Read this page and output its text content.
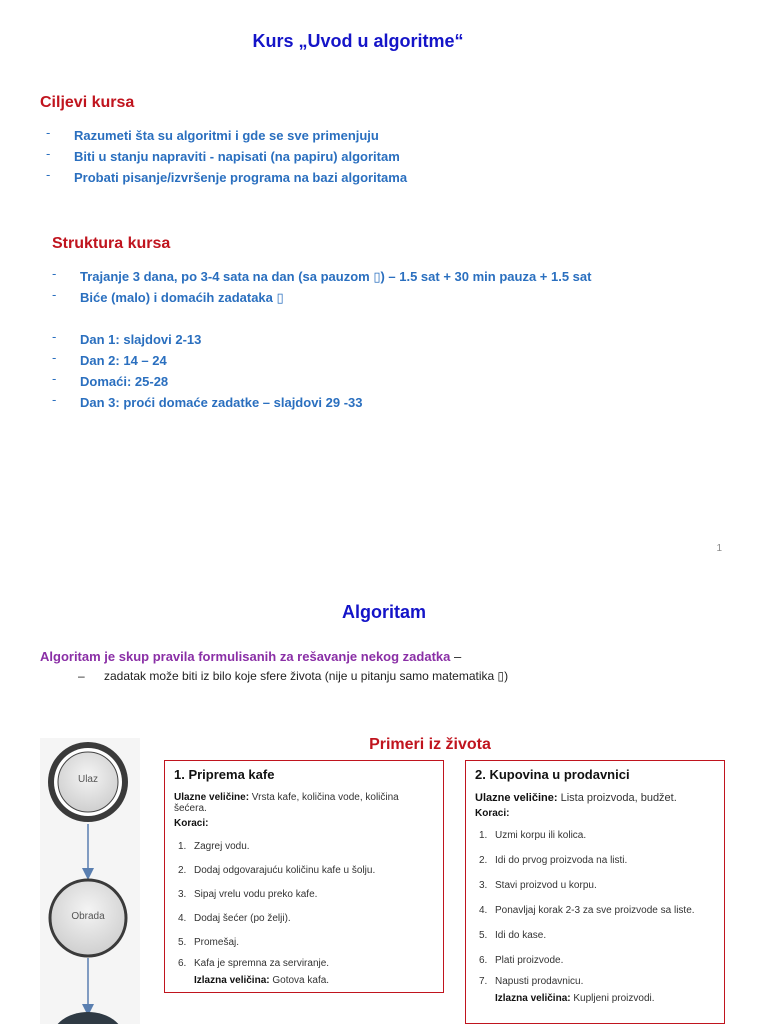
Kurs „Uvod u algoritme“
Ciljevi kursa
- Razumeti šta su algoritmi i gde se sve primenjuju
- Biti u stanju napraviti - napisati (na papiru) algoritam
- Probati pisanje/izvršenje programa na bazi algoritama
Struktura kursa
- Trajanje 3 dana, po 3-4 sata na dan (sa pauzom ▯) – 1.5 sat + 30 min pauza + 1.5 sat
- Biće (malo) i domaćih zadataka ▯
- Dan 1: slajdovi 2-13
- Dan 2: 14 – 24
- Domaći: 25-28
- Dan 3: proći domaće zadatke – slajdovi 29 -33
1
Algoritam
Algoritam je skup pravila formulisanih za rešavanje nekog zadatka –
– zadatak može biti iz bilo koje sfere života (nije u pitanju samo matematika ▯)
Primeri iz života
Ulaz
Obrada
1. Priprema kafe
Ulazne veličine: Vrsta kafe, količina vode, količina šećera.
Koraci:
1. Zagrej vodu.
2. Dodaj odgovarajuću količinu kafe u šolju.
3. Sipaj vrelu vodu preko kafe.
4. Dodaj šećer (po želji).
5. Promešaj.
6. Kafa je spremna za serviranje.
Izlazna veličina: Gotova kafa.
2. Kupovina u prodavnici
Ulazne veličine: Lista proizvoda, budžet.
Koraci:
1. Uzmi korpu ili kolica.
2. Idi do prvog proizvoda na listi.
3. Stavi proizvod u korpu.
4. Ponavljaj korak 2-3 za sve proizvode sa liste.
5. Idi do kase.
6. Plati proizvode.
7. Napusti prodavnicu.
Izlazna veličina: Kupljeni proizvodi.
